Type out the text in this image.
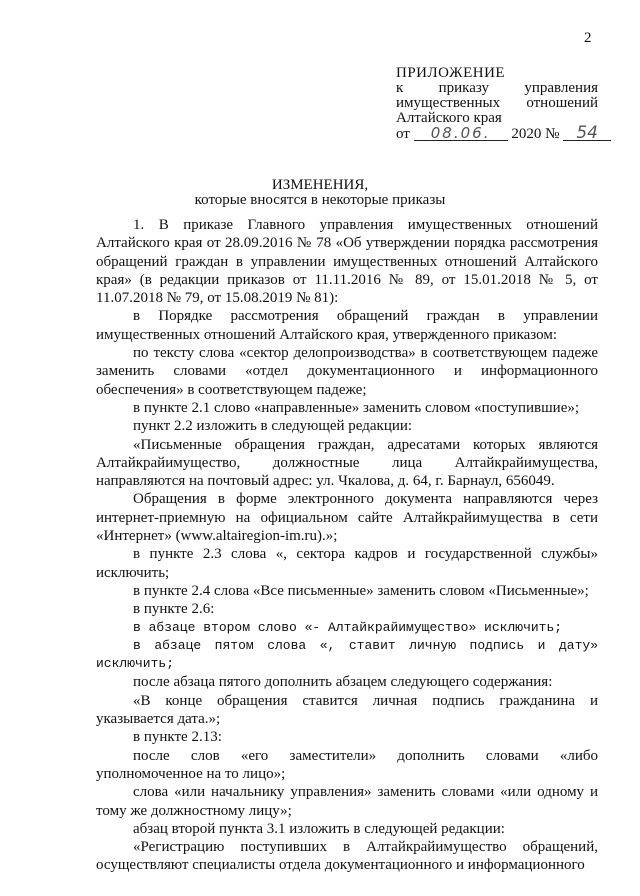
2
ПРИЛОЖЕНИЕ
к приказу управления
имущественных отношений
Алтайского края
от 08.06. 2020 № 54
ИЗМЕНЕНИЯ,
которые вносятся в некоторые приказы

1. В приказе Главного управления имущественных отношений Алтайского края от 28.09.2016 № 78 «Об утверждении порядка рассмотрения обращений граждан в управлении имущественных отношений Алтайского края» (в редакции приказов от 11.11.2016 № 89, от 15.01.2018 № 5, от 11.07.2018 № 79, от 15.08.2019 № 81):

в Порядке рассмотрения обращений граждан в управлении имущественных отношений Алтайского края, утвержденного приказом:

по тексту слова «сектор делопроизводства» в соответствующем падеже заменить словами «отдел документационного и информационного обеспечения» в соответствующем падеже;

в пункте 2.1 слово «направленные» заменить словом «поступившие»;

пункт 2.2 изложить в следующей редакции:

«Письменные обращения граждан, адресатами которых являются Алтайкрайимущество, должностные лица Алтайкрайимущества, направляются на почтовый адрес: ул. Чкалова, д. 64, г. Барнаул, 656049.

Обращения в форме электронного документа направляются через интернет-приемную на официальном сайте Алтайкрайимущества в сети «Интернет» (www.altairegion-im.ru).»;

в пункте 2.3 слова «, сектора кадров и государственной службы» исключить;

в пункте 2.4 слова «Все письменные» заменить словом «Письменные»;

в пункте 2.6:

в абзаце втором слово «- Алтайкрайимущество» исключить;

в абзаце пятом слова «, ставит личную подпись и дату» исключить;

после абзаца пятого дополнить абзацем следующего содержания:

«В конце обращения ставится личная подпись гражданина и указывается дата.»;

в пункте 2.13:

после слов «его заместители» дополнить словами «либо уполномоченное на то лицо»;

слова «или начальнику управления» заменить словами «или одному и тому же должностному лицу»;

абзац второй пункта 3.1 изложить в следующей редакции:

«Регистрацию поступивших в Алтайкрайимущество обращений, осуществляют специалисты отдела документационного и информационного
